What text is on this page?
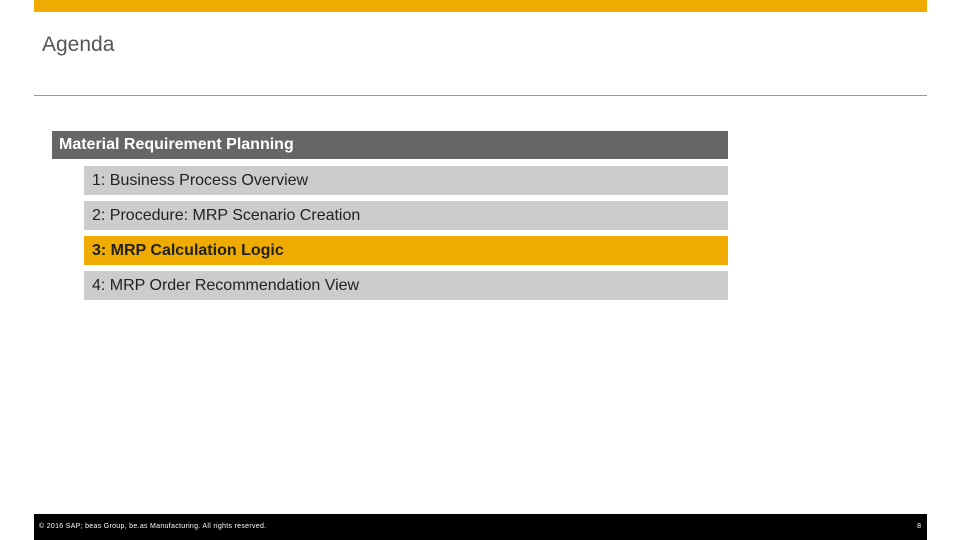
Agenda
Material Requirement Planning
1: Business Process Overview
2: Procedure: MRP Scenario Creation
3: MRP Calculation Logic
4: MRP Order Recommendation View
© 2016 SAP; beas Group, be.as Manufacturing. All rights reserved.	8
